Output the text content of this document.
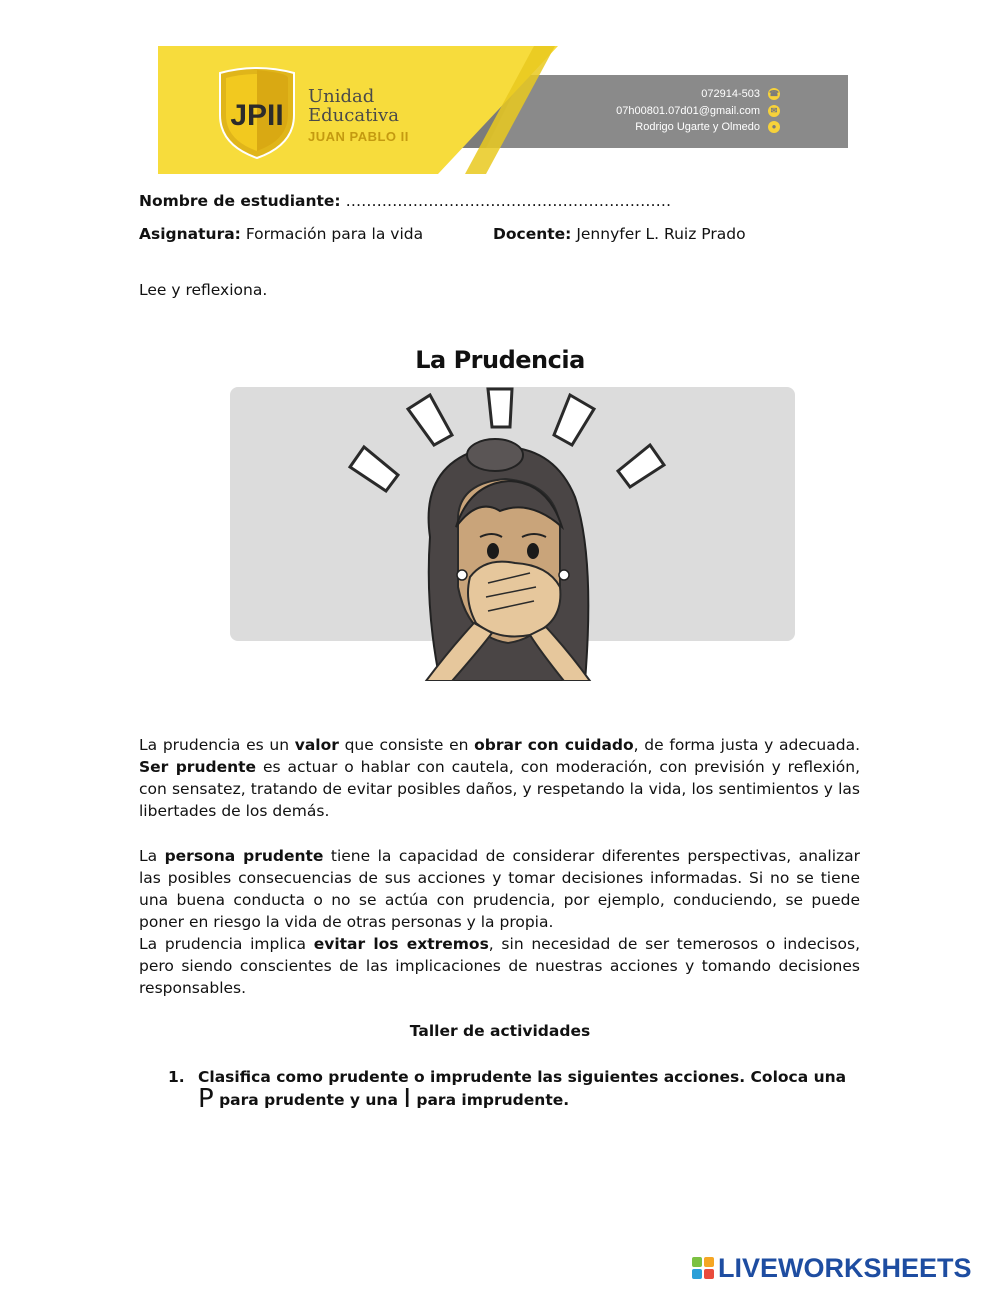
JPII
Unidad
Educativa
JUAN PABLO II
072914-503 ☎
07h00801.07d01@gmail.com	✉
Rodrigo Ugarte y Olmedo	●
Nombre de estudiante: ………………………………………………………
Asignatura: Formación para la vida	Docente: Jennyfer L. Ruiz Prado
Lee y reflexiona.
La Prudencia

La prudencia es un valor que consiste en obrar con cuidado, de forma justa y adecuada. Ser prudente es actuar o hablar con cautela, con moderación, con previsión y reflexión, con sensatez, tratando de evitar posibles daños, y respetando la vida, los sentimientos y las libertades de los demás.

La persona prudente tiene la capacidad de considerar diferentes perspectivas, analizar las posibles consecuencias de sus acciones y tomar decisiones informadas. Si no se tiene una buena conducta o no se actúa con prudencia, por ejemplo, conduciendo, se puede poner en riesgo la vida de otras personas y la propia.

La prudencia implica evitar los extremos, sin necesidad de ser temerosos o indecisos, pero siendo conscientes de las implicaciones de nuestras acciones y tomando decisiones responsables.

Taller de actividades
1. Clasifica como prudente o imprudente las siguientes acciones. Coloca una
P para prudente y una I para imprudente.
LIVEWORKSHEETS
